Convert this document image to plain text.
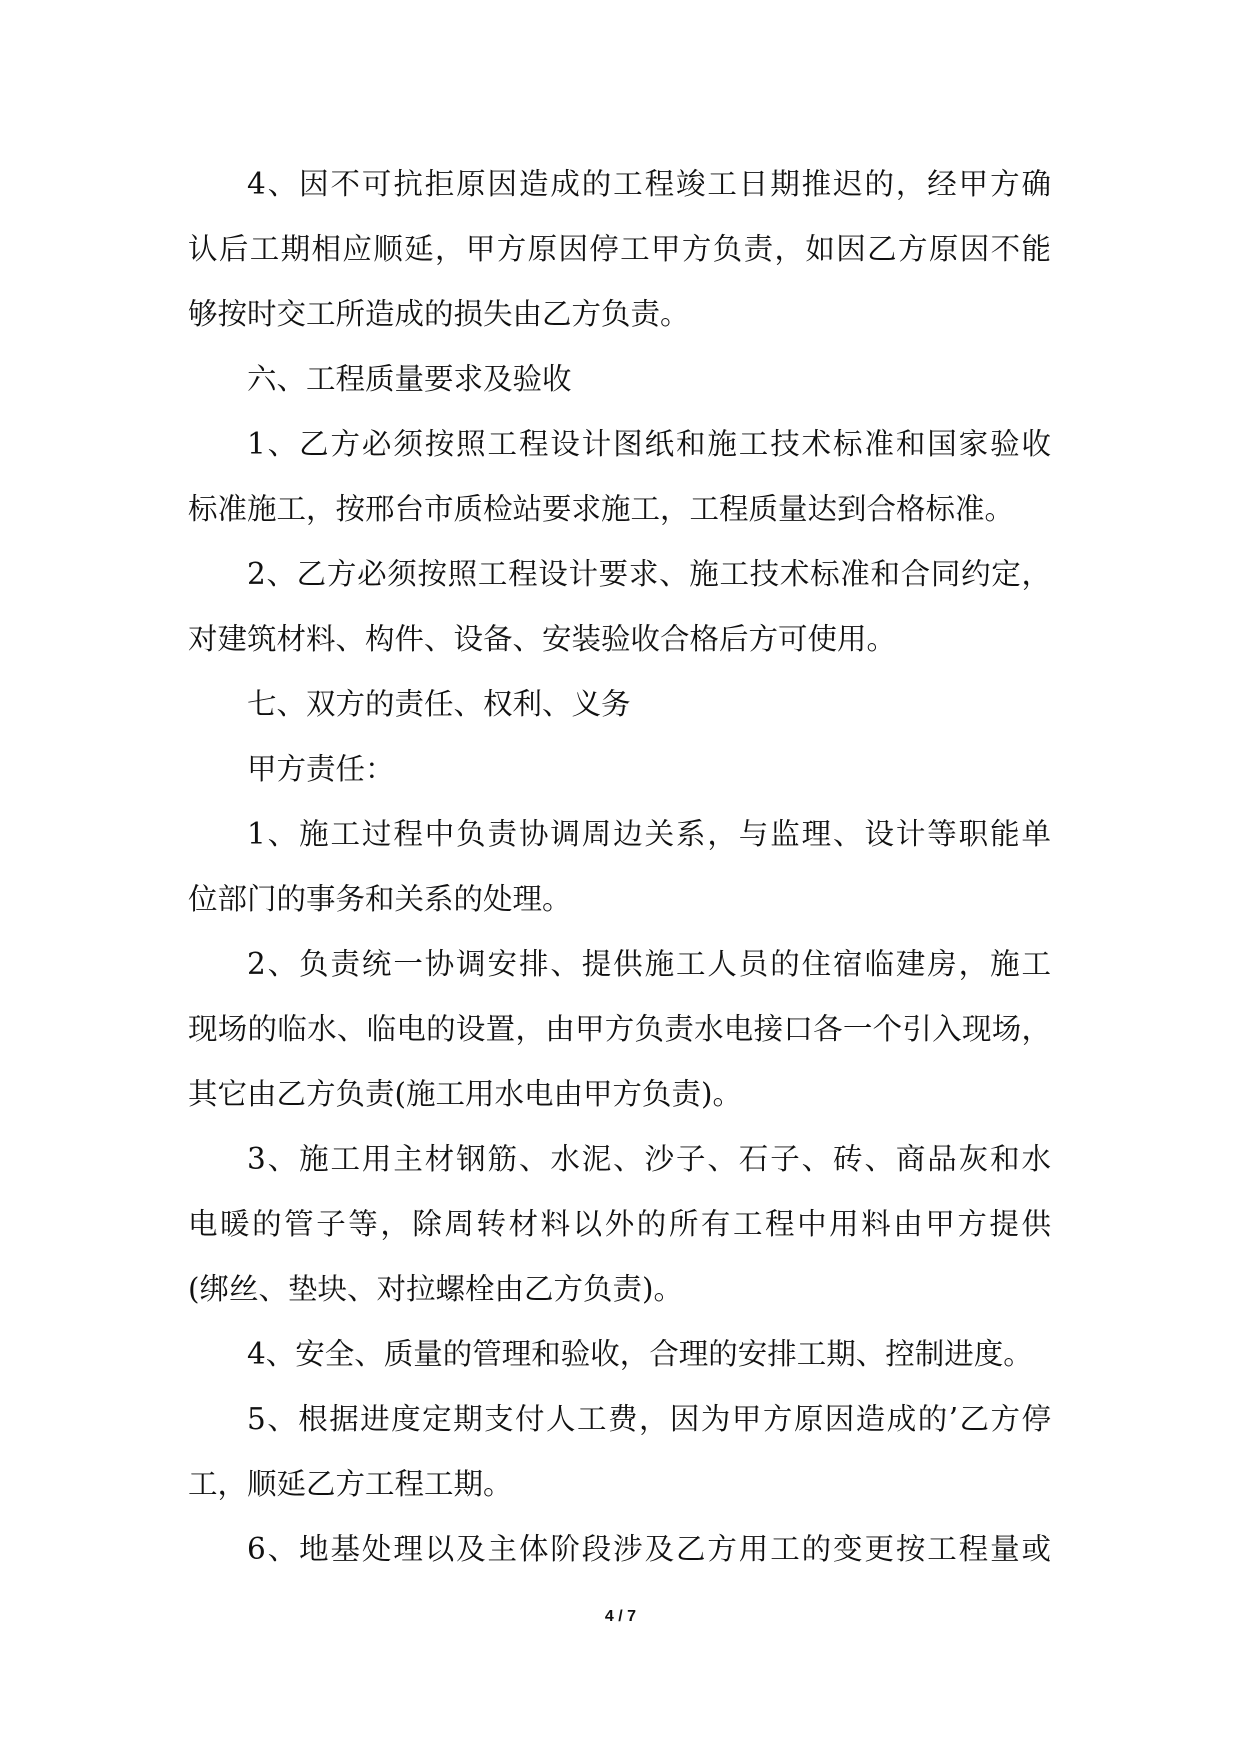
4、因不可抗拒原因造成的工程竣工日期推迟的，经甲方确
认后工期相应顺延，甲方原因停工甲方负责，如因乙方原因不能
够按时交工所造成的损失由乙方负责。
六、工程质量要求及验收
1、乙方必须按照工程设计图纸和施工技术标准和国家验收
标准施工，按邢台市质检站要求施工，工程质量达到合格标准。
2、乙方必须按照工程设计要求、施工技术标准和合同约定，
对建筑材料、构件、设备、安装验收合格后方可使用。
七、双方的责任、权利、义务
甲方责任：
1、施工过程中负责协调周边关系，与监理、设计等职能单
位部门的事务和关系的处理。
2、负责统一协调安排、提供施工人员的住宿临建房，施工
现场的临水、临电的设置，由甲方负责水电接口各一个引入现场，
其它由乙方负责(施工用水电由甲方负责)。
3、施工用主材钢筋、水泥、沙子、石子、砖、商品灰和水
电暖的管子等，除周转材料以外的所有工程中用料由甲方提供
(绑丝、垫块、对拉螺栓由乙方负责)。
4、安全、质量的管理和验收，合理的安排工期、控制进度。
5、根据进度定期支付人工费，因为甲方原因造成的’乙方停
工，顺延乙方工程工期。
6、地基处理以及主体阶段涉及乙方用工的变更按工程量或
4 / 7
